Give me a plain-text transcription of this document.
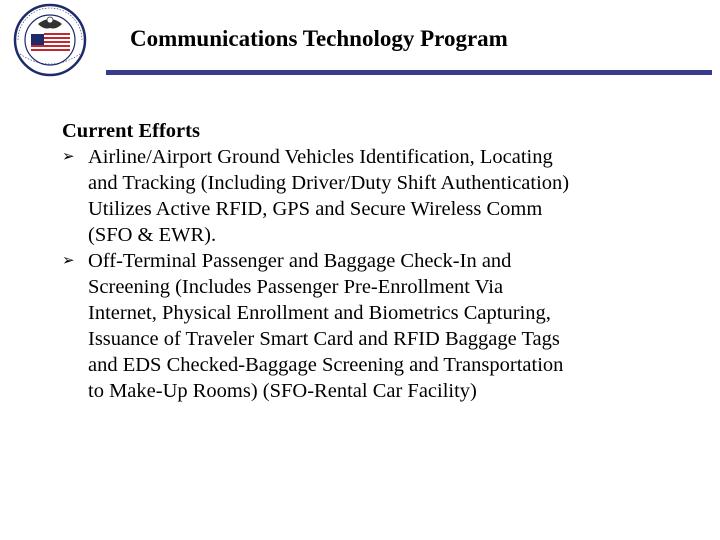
Communications Technology Program
Current Efforts
➢ Airline/Airport Ground Vehicles Identification, Locating
and Tracking (Including Driver/Duty Shift Authentication)
Utilizes Active RFID, GPS and Secure Wireless Comm
(SFO & EWR).
➢ Off-Terminal Passenger and Baggage Check-In and
Screening (Includes Passenger Pre-Enrollment Via
Internet, Physical Enrollment and Biometrics Capturing,
Issuance of Traveler Smart Card and RFID Baggage Tags
and EDS Checked-Baggage Screening and Transportation
to Make-Up Rooms) (SFO-Rental Car Facility)
